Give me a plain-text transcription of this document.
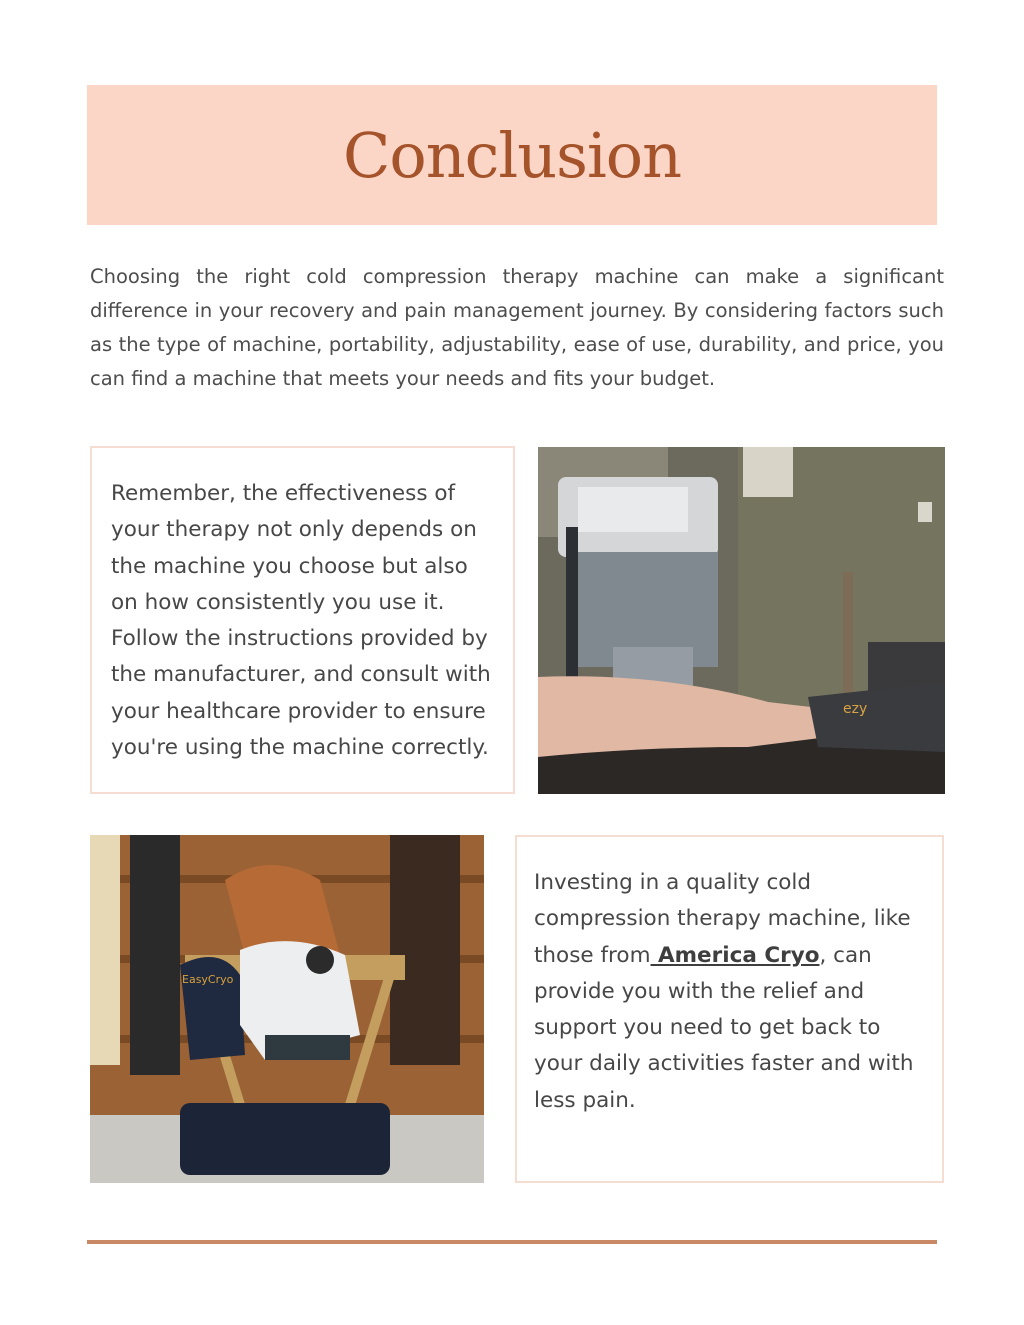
Conclusion

Choosing the right cold compression therapy machine can make a significant difference in your recovery and pain management journey. By considering factors such as the type of machine, portability, adjustability, ease of use, durability, and price, you can find a machine that meets your needs and fits your budget.

Remember, the effectiveness of your therapy not only depends on the machine you choose but also on how consistently you use it. Follow the instructions provided by the manufacturer, and consult with your healthcare provider to ensure you're using the machine correctly.

ezy
EasyCryo

Investing in a quality cold compression therapy machine, like those from America Cryo, can provide you with the relief and support you need to get back to your daily activities faster and with less pain.
